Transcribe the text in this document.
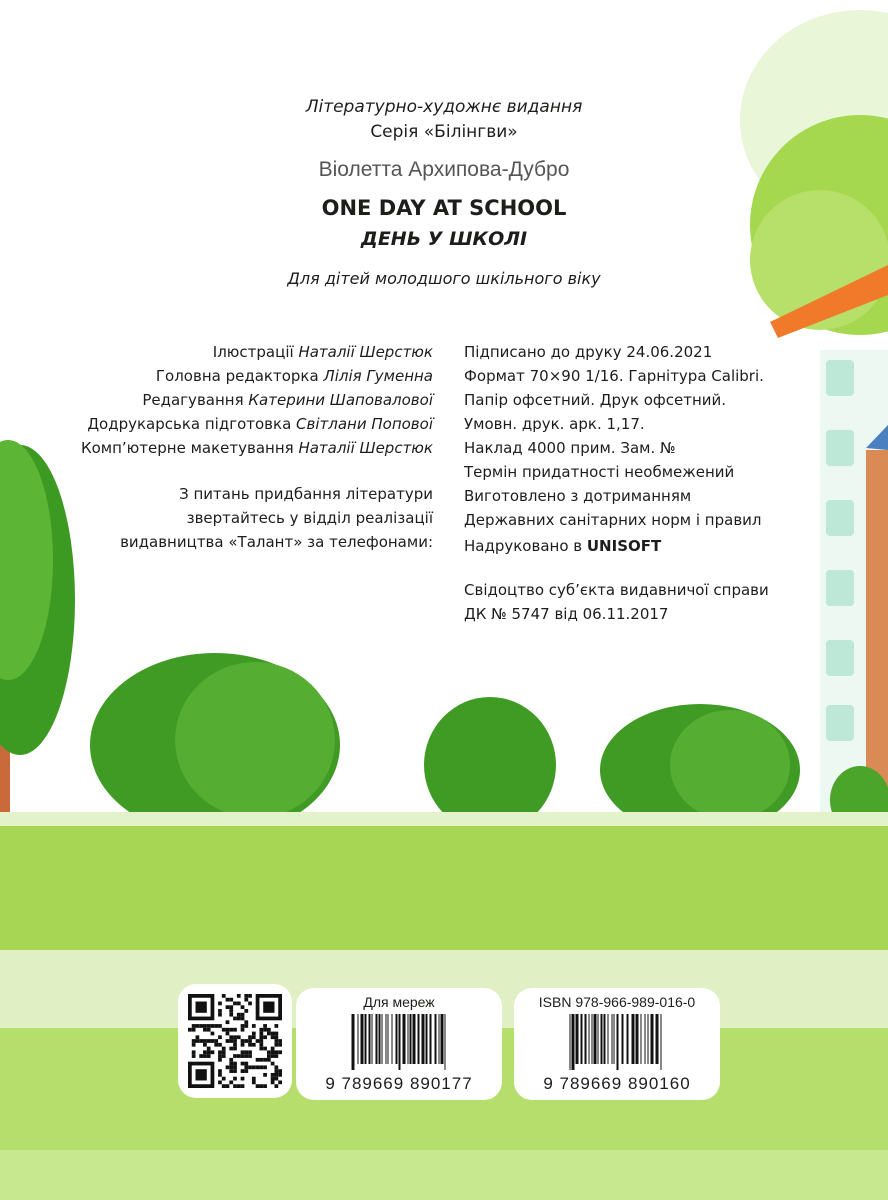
Літературно-художнє видання
Серія «Білінгви»
Віолетта Архипова-Дубро
ONE DAY AT SCHOOL
ДЕНЬ У ШКОЛІ
Для дітей молодшого шкільного віку
Ілюстрації Наталії Шерстюк
Головна редакторка Лілія Гуменна
Редагування Катерини Шаповалової
Додрукарська підготовка Світлани Попової
Комп’ютерне макетування Наталії Шерстюк
З питань придбання літератури
звертайтесь у відділ реалізації
видавництва «Талант» за телефонами:
Підписано до друку 24.06.2021
Формат 70×90 1/16. Гарнітура Calibri.
Папір офсетний. Друк офсетний.
Умовн. друк. арк. 1,17.
Наклад 4000 прим. Зам. №
Термін придатності необмежений
Виготовлено з дотриманням
Державних санітарних норм і правил
Надруковано в UNISOFT
Свідоцтво суб’єкта видавничої справи
ДК № 5747 від 06.11.2017
Для мереж
9 789669 890177
ISBN 978-966-989-016-0
9 789669 890160
